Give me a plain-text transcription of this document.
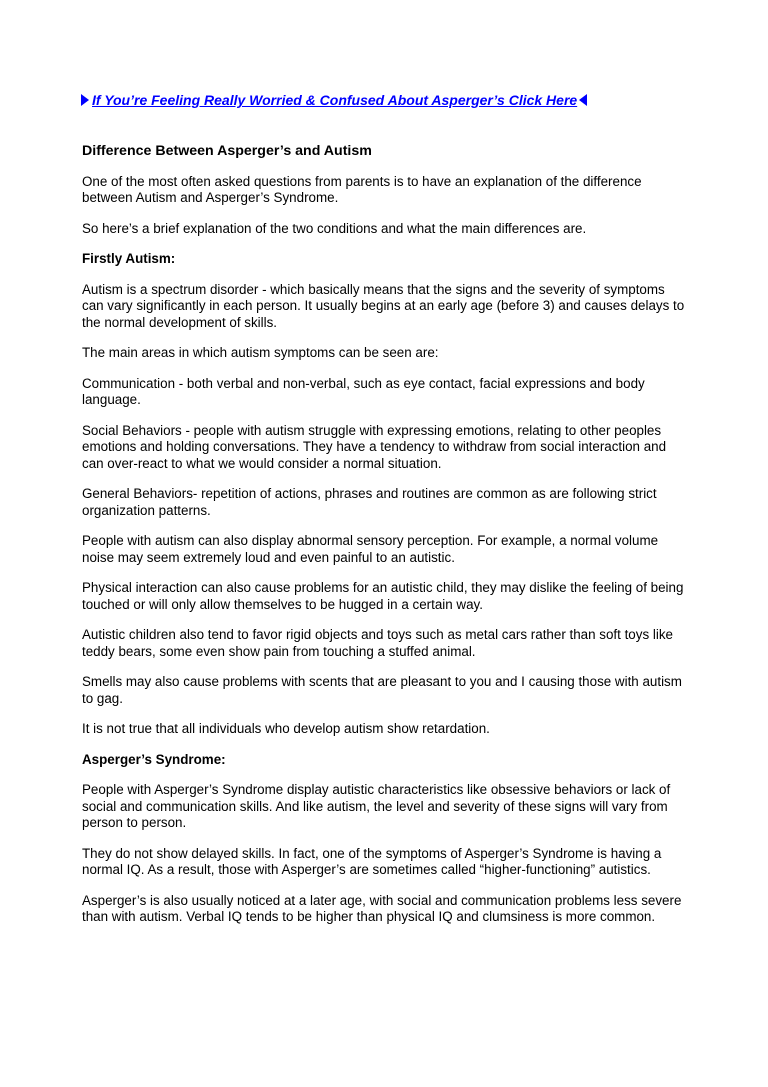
If You’re Feeling Really Worried & Confused About Asperger’s Click Here
Difference Between Asperger’s and Autism

One of the most often asked questions from parents is to have an explanation of the difference between Autism and Asperger’s Syndrome.

So here’s a brief explanation of the two conditions and what the main differences are.

Firstly Autism:

Autism is a spectrum disorder - which basically means that the signs and the severity of symptoms can vary significantly in each person. It usually begins at an early age (before 3) and causes delays to the normal development of skills.

The main areas in which autism symptoms can be seen are:

Communication - both verbal and non-verbal, such as eye contact, facial expressions and body language.

Social Behaviors - people with autism struggle with expressing emotions, relating to other peoples emotions and holding conversations. They have a tendency to withdraw from social interaction and can over-react to what we would consider a normal situation.

General Behaviors- repetition of actions, phrases and routines are common as are following strict organization patterns.

People with autism can also display abnormal sensory perception. For example, a normal volume noise may seem extremely loud and even painful to an autistic.

Physical interaction can also cause problems for an autistic child, they may dislike the feeling of being touched or will only allow themselves to be hugged in a certain way.

Autistic children also tend to favor rigid objects and toys such as metal cars rather than soft toys like teddy bears, some even show pain from touching a stuffed animal.

Smells may also cause problems with scents that are pleasant to you and I causing those with autism to gag.

It is not true that all individuals who develop autism show retardation.

Asperger’s Syndrome:

People with Asperger’s Syndrome display autistic characteristics like obsessive behaviors or lack of social and communication skills. And like autism, the level and severity of these signs will vary from person to person.

They do not show delayed skills. In fact, one of the symptoms of Asperger’s Syndrome is having a normal IQ. As a result, those with Asperger’s are sometimes called “higher-functioning” autistics.

Asperger’s is also usually noticed at a later age, with social and communication problems less severe than with autism. Verbal IQ tends to be higher than physical IQ and clumsiness is more common.
